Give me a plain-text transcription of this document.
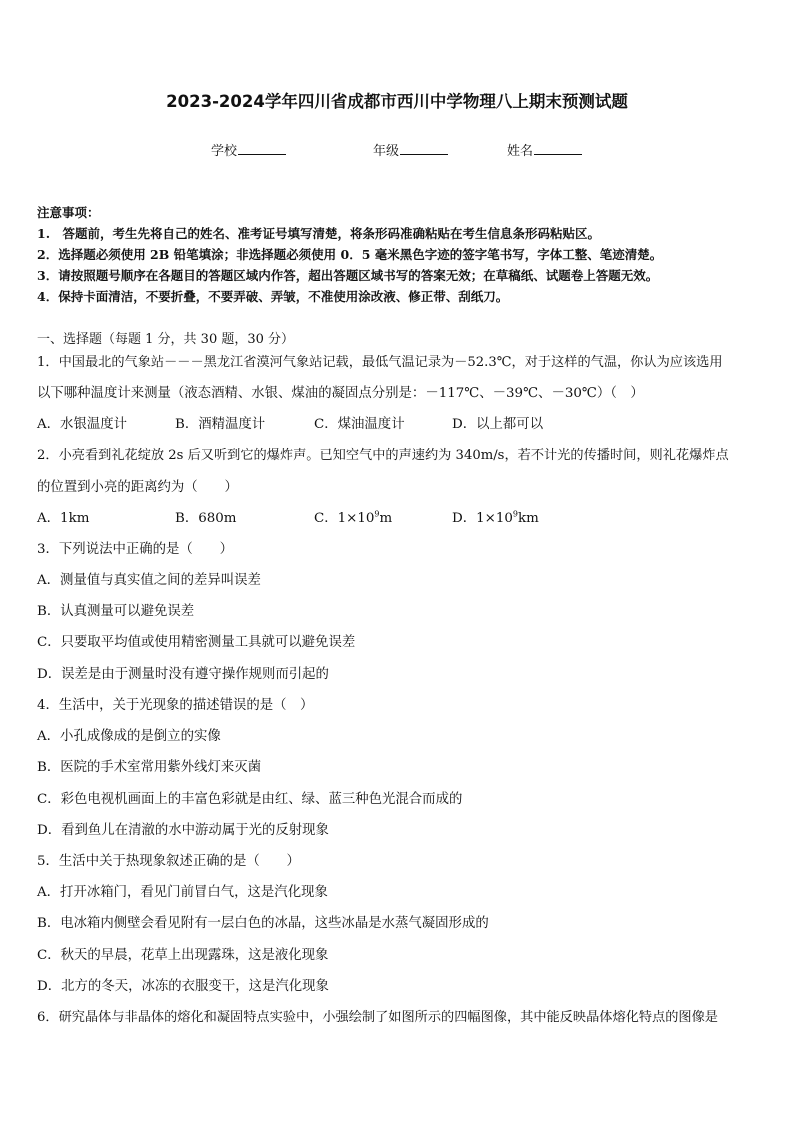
2023-2024学年四川省成都市西川中学物理八上期末预测试题
学校	年级	姓名
注意事项：
1.　答题前，考生先将自己的姓名、准考证号填写清楚，将条形码准确粘贴在考生信息条形码粘贴区。
2．选择题必须使用 2B 铅笔填涂；非选择题必须使用 0．5 毫米黑色字迹的签字笔书写，字体工整、笔迹清楚。
3．请按照题号顺序在各题目的答题区域内作答，超出答题区域书写的答案无效；在草稿纸、试题卷上答题无效。
4．保持卡面清洁，不要折叠，不要弄破、弄皱，不准使用涂改液、修正带、刮纸刀。
一、选择题（每题 1 分，共 30 题，30 分）
1．中国最北的气象站－－－黑龙江省漠河气象站记载，最低气温记录为－52.3℃，对于这样的气温，你认为应该选用
以下哪种温度计来测量（液态酒精、水银、煤油的凝固点分别是：－117℃、－39℃、－30℃）（　）
A．水银温度计	B．酒精温度计	C．煤油温度计	D．以上都可以
2．小亮看到礼花绽放 2s 后又听到它的爆炸声。已知空气中的声速约为 340m/s，若不计光的传播时间，则礼花爆炸点
的位置到小亮的距离约为（　　）
A．1km	B．680m	C．$1\times 10^9m$	D．$1\times 10^9km$
3．下列说法中正确的是（　　）
A．测量值与真实值之间的差异叫误差
B．认真测量可以避免误差
C．只要取平均值或使用精密测量工具就可以避免误差
D．误差是由于测量时没有遵守操作规则而引起的
4．生活中，关于光现象的描述错误的是（　）
A．小孔成像成的是倒立的实像
B．医院的手术室常用紫外线灯来灭菌
C．彩色电视机画面上的丰富色彩就是由红、绿、蓝三种色光混合而成的
D．看到鱼儿在清澈的水中游动属于光的反射现象
5．生活中关于热现象叙述正确的是（　　）
A．打开冰箱门，看见门前冒白气，这是汽化现象
B．电冰箱内侧壁会看见附有一层白色的冰晶，这些冰晶是水蒸气凝固形成的
C．秋天的早晨，花草上出现露珠，这是液化现象
D．北方的冬天，冰冻的衣服变干，这是汽化现象
6．研究晶体与非晶体的熔化和凝固特点实验中，小强绘制了如图所示的四幅图像，其中能反映晶体熔化特点的图像是
